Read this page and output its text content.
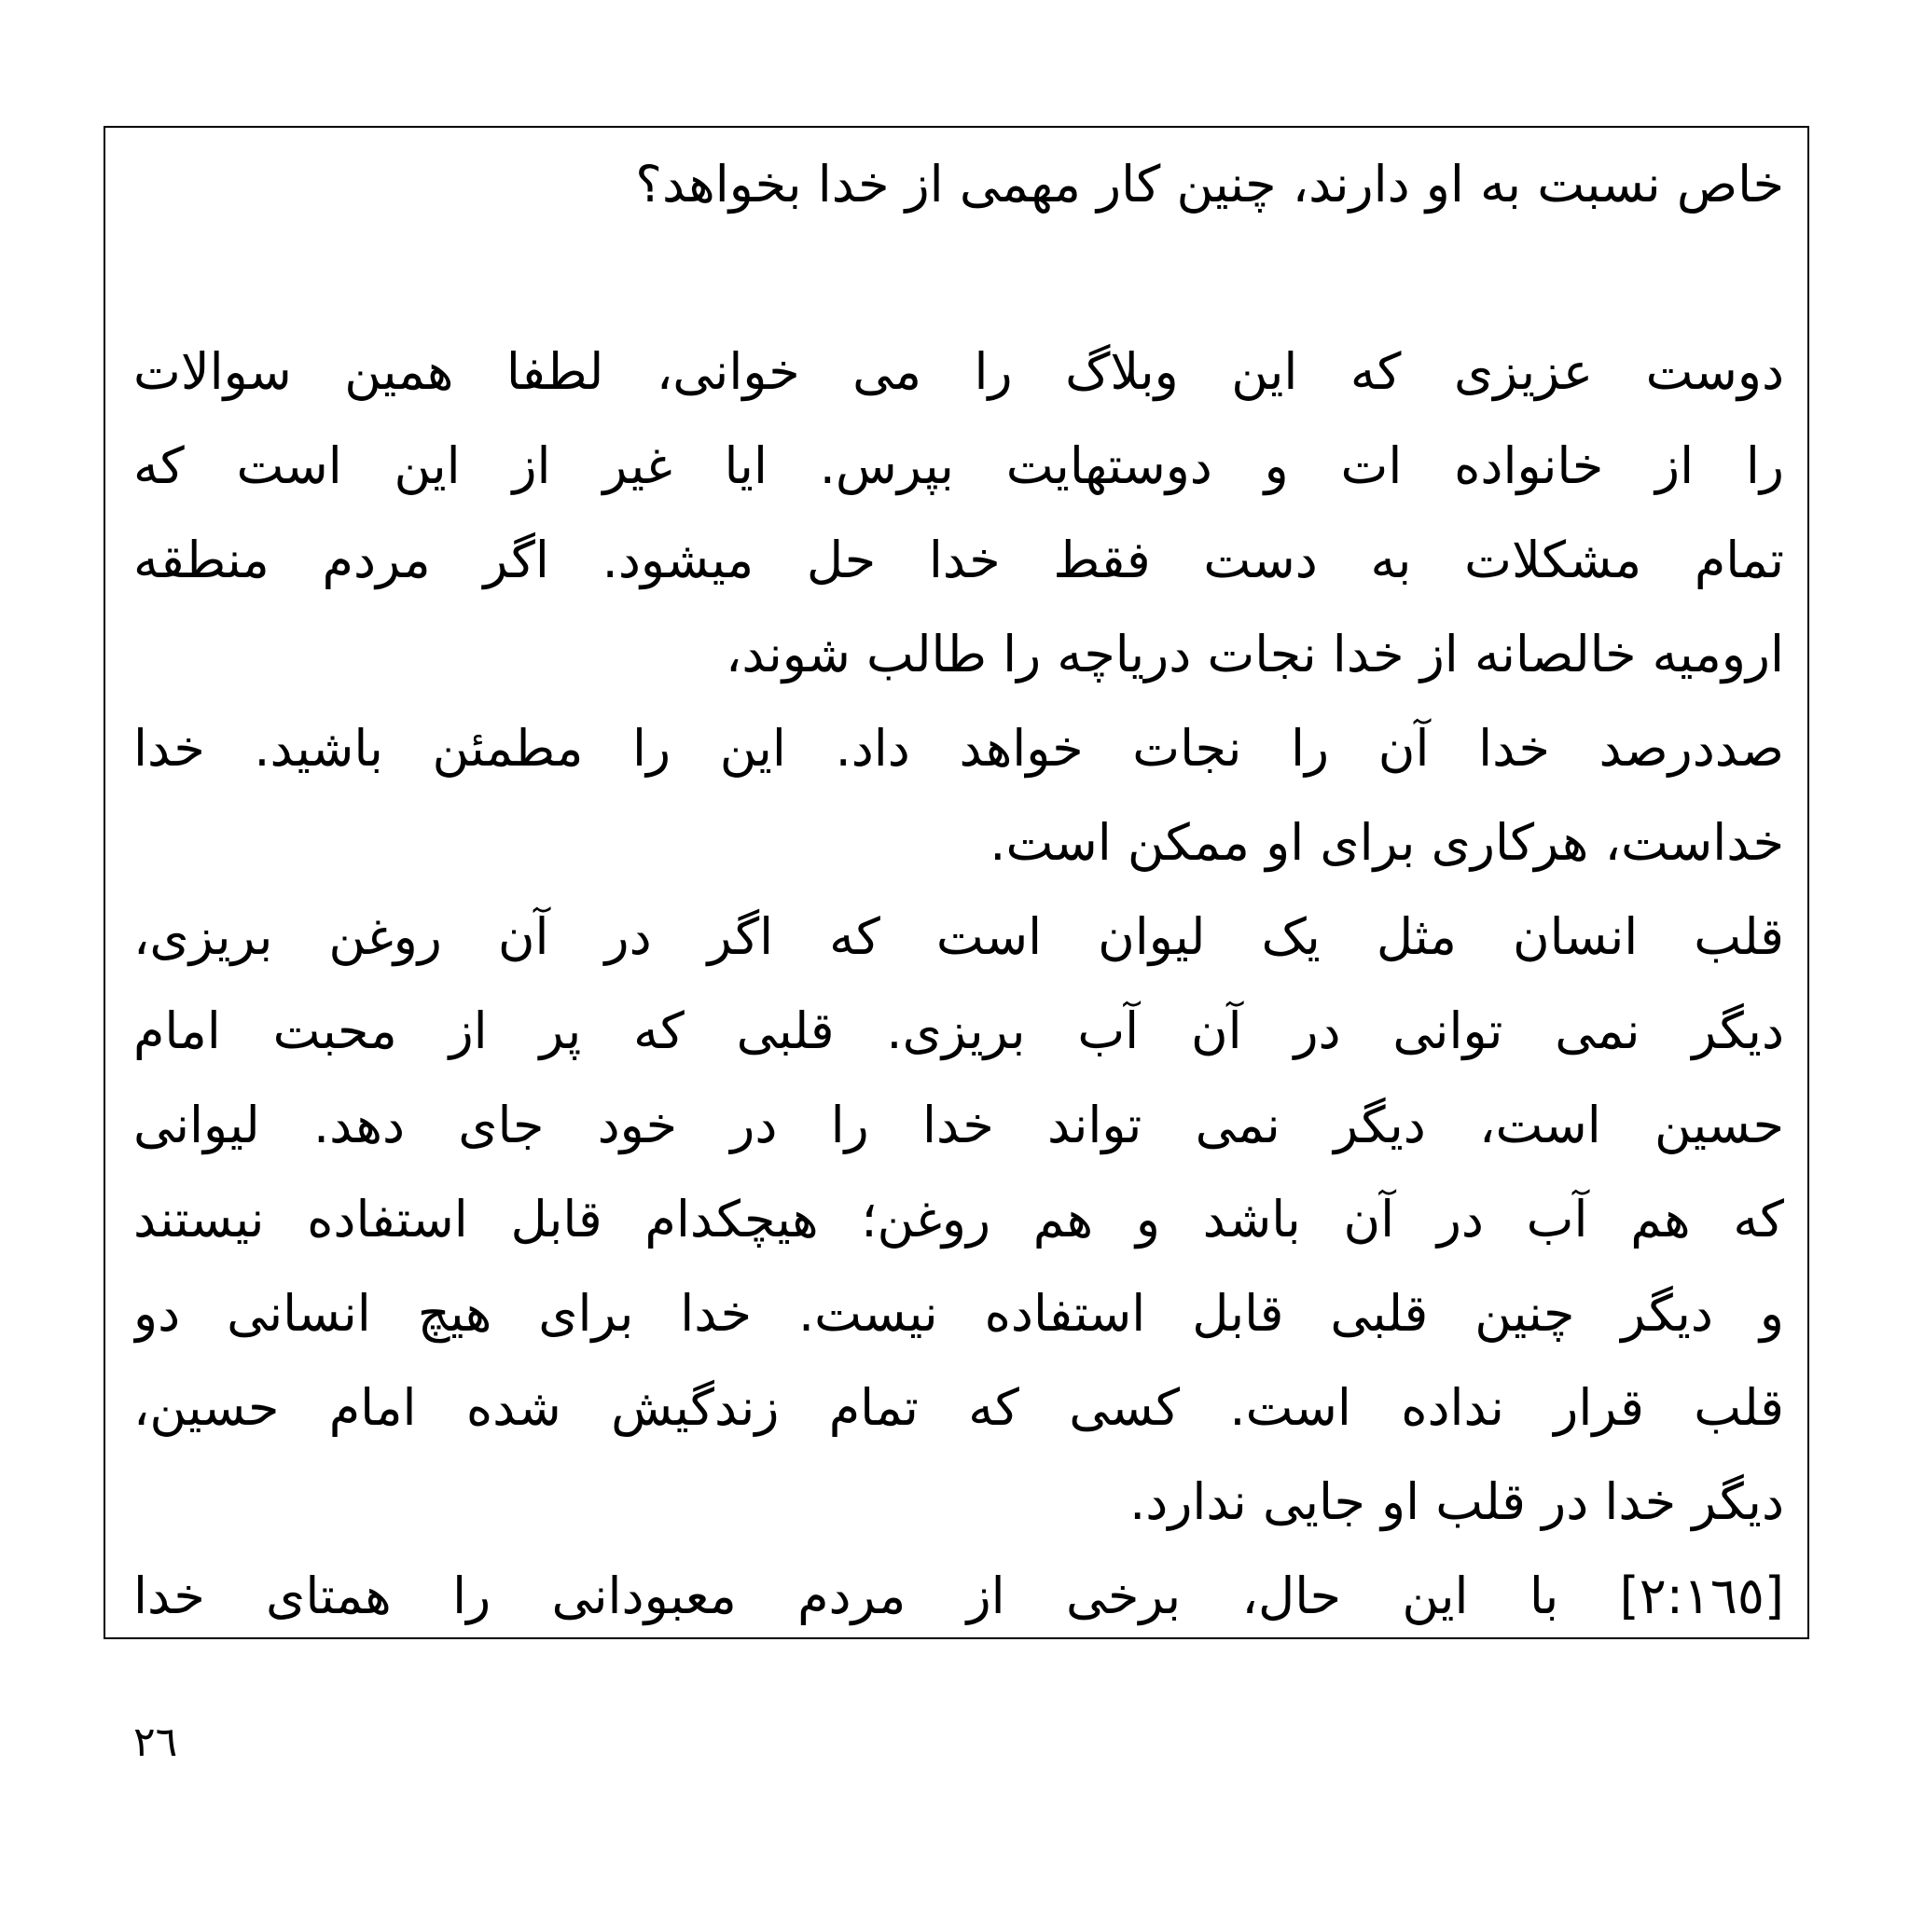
خاص نسبت به او دارند، چنین کار مهمی از خدا بخواهد؟
دوست عزیزی که این وبلاگ را می خوانی، لطفا همین سوالات
را از خانواده ات و دوستهایت بپرس. ایا غیر از این است که
تمام مشکلات به دست فقط خدا حل میشود. اگر مردم منطقه
ارومیه خالصانه از خدا نجات دریاچه را طالب شوند،
صددرصد خدا آن را نجات خواهد داد. این را مطمئن باشید. خدا
خداست، هرکاری برای او ممکن است.
قلب انسان مثل یک لیوان است که اگر در آن روغن بریزی،
دیگر نمی توانی در آن آب بریزی. قلبی که پر از محبت امام
حسین است، دیگر نمی تواند خدا را در خود جای دهد. لیوانی
که هم آب در آن باشد و هم روغن؛ هیچکدام قابل استفاده نیستند
و دیگر چنین قلبی قابل استفاده نیست. خدا برای هیچ انسانی دو
قلب قرار نداده است. کسی که تمام زندگیش شده امام حسین،
دیگر خدا در قلب او جایی ندارد.
[۲:۱٦٥] با این حال، برخی از مردم معبودانی را همتای خدا
٢٦
